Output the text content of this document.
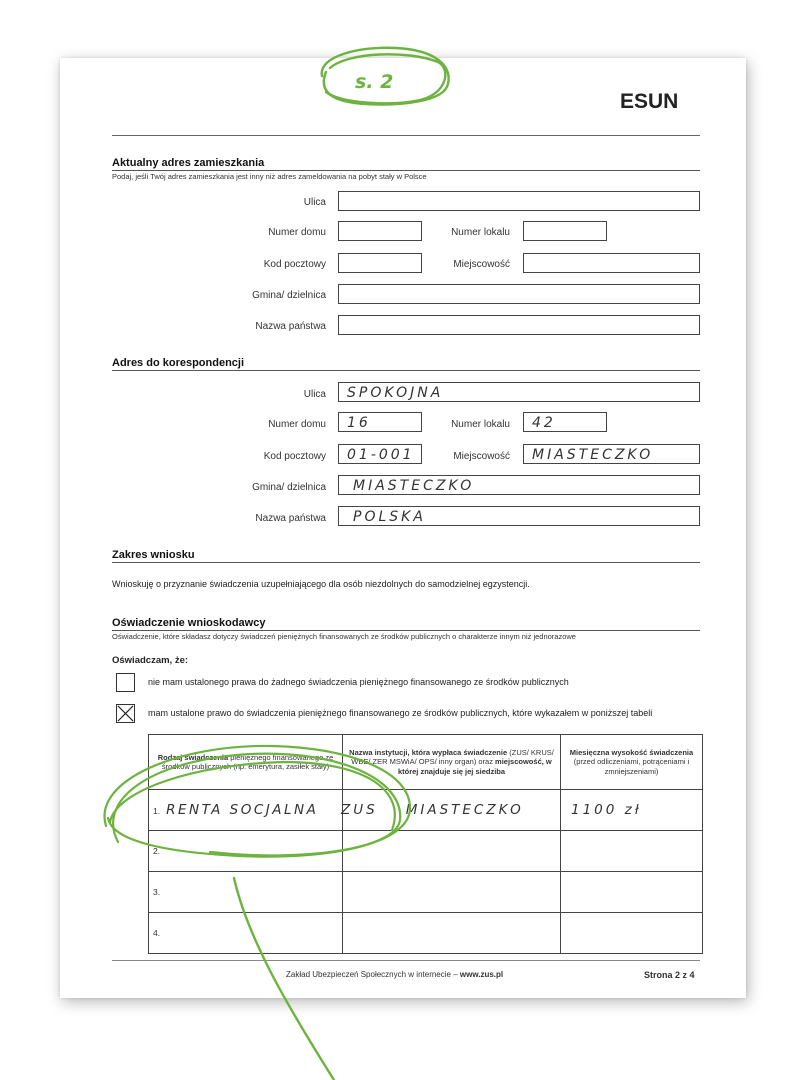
ESUN
Aktualny adres zamieszkania
Podaj, jeśli Twój adres zamieszkania jest inny niż adres zameldowania na pobyt stały w Polsce
Ulica
Numer domu	Numer lokalu
Kod pocztowy	Miejscowość
Gmina/ dzielnica
Nazwa państwa
Adres do korespondencji
Ulica SPOKOJNA
Numer domu 16	Numer lokalu 42
Kod pocztowy 01-001	Miejscowość MIASTECZKO
Gmina/ dzielnica MIASTECZKO
Nazwa państwa POLSKA
Zakres wniosku
Wnioskuję o przyznanie świadczenia uzupełniającego dla osób niezdolnych do samodzielnej egzystencji.
Oświadczenie wnioskodawcy
Oświadczenie, które składasz dotyczy świadczeń pieniężnych finansowanych ze środków publicznych o charakterze innym niż jednorazowe
Oświadczam, że:
nie mam ustalonego prawa do żadnego świadczenia pieniężnego finansowanego ze środków publicznych
mam ustalone prawo do świadczenia pieniężnego finansowanego ze środków publicznych, które wykazałem w poniższej tabeli
Rodzaj świadczenia pieniężnego finansowanego ze środków publicznych (np. emerytura, zasiłek stały)	Nazwa instytucji, która wypłaca świadczenie (ZUS/ KRUS/ WBE/ ZER MSWiA/ OPS/ inny organ) oraz miejscowość, w której znajduje się jej siedziba	Miesięczna wysokość świadczenia (przed odliczeniami, potrąceniami i zmniejszeniami)
1. RENTA SOCJALNA	ZUS MIASTECZKO	1100 zł
2.		
3.		
4.		
Zakład Ubezpieczeń Społecznych w internecie – www.zus.pl	Strona 2 z 4
s. 2
